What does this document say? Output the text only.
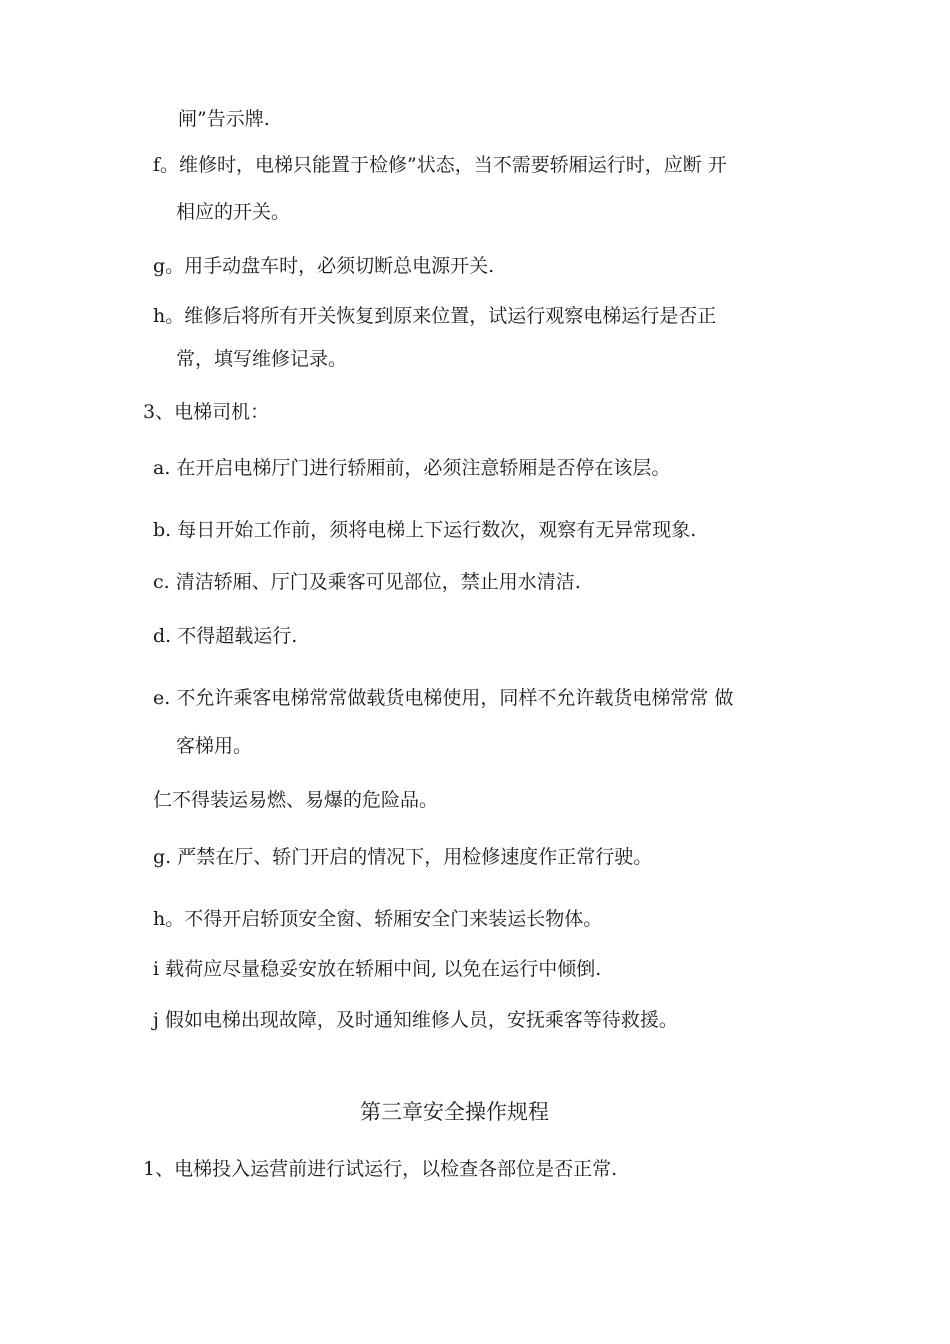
闸”告示牌.
f。维修时，电梯只能置于检修”状态，当不需要轿厢运行时，应断 开
相应的开关。
g。用手动盘车时，必须切断总电源开关.
h。维修后将所有开关恢复到原来位置，试运行观察电梯运行是否正
常，填写维修记录。
3、电梯司机：
a. 在开启电梯厅门进行轿厢前，必须注意轿厢是否停在该层。
b. 每日开始工作前，须将电梯上下运行数次，观察有无异常现象.
c. 清洁轿厢、厅门及乘客可见部位，禁止用水清洁.
d. 不得超载运行.
e. 不允许乘客电梯常常做载货电梯使用，同样不允许载货电梯常常 做
客梯用。
仁不得装运易燃、易爆的危险品。
g. 严禁在厅、轿门开启的情况下，用检修速度作正常行驶。
h。不得开启轿顶安全窗、轿厢安全门来装运长物体。
i 载荷应尽量稳妥安放在轿厢中间, 以免在运行中倾倒.
j 假如电梯出现故障，及时通知维修人员，安抚乘客等待救援。
第三章安全操作规程
1、电梯投入运营前进行试运行，以检查各部位是否正常.
